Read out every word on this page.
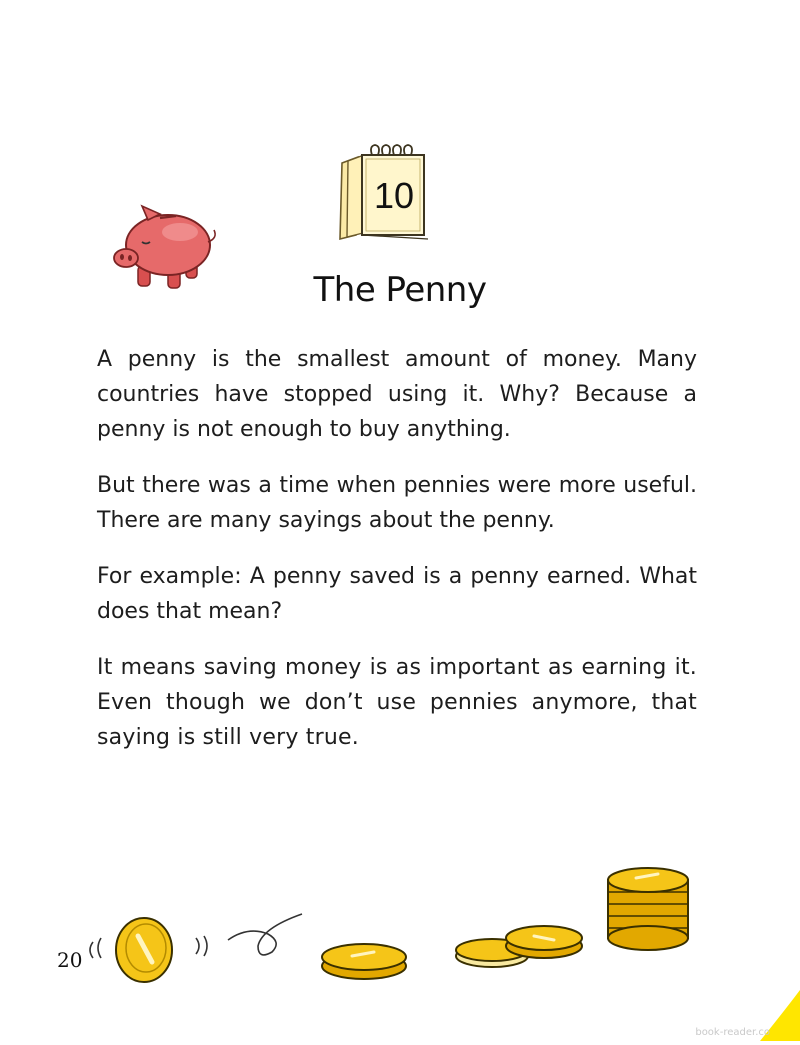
10
The Penny

A penny is the smallest amount of money. Many countries have stopped using it. Why? Because a penny is not enough to buy anything.

But there was a time when pennies were more useful. There are many sayings about the penny.

For example: A penny saved is a penny earned. What does that mean?

It means saving money is as important as earning it. Even though we don’t use pennies anymore, that saying is still very true.

20
book-reader.co
